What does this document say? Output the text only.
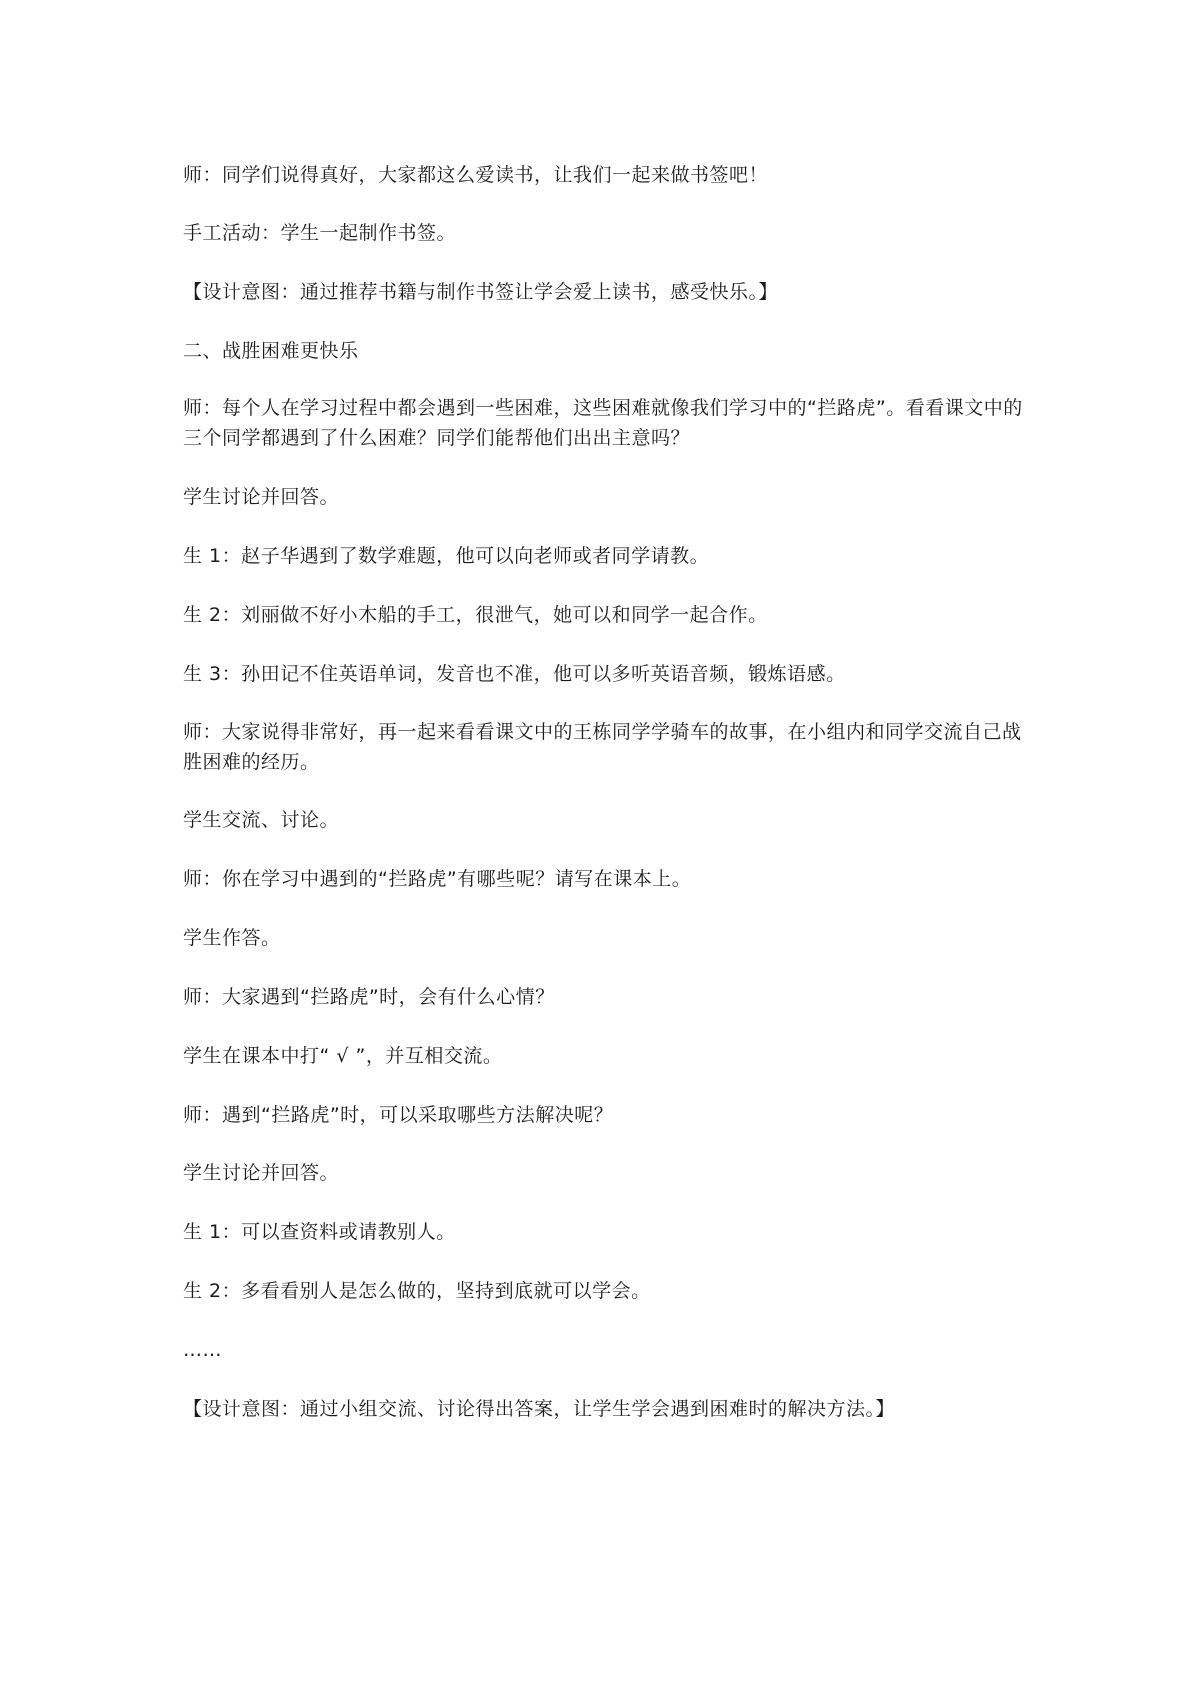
师：同学们说得真好，大家都这么爱读书，让我们一起来做书签吧！

手工活动：学生一起制作书签。

【设计意图：通过推荐书籍与制作书签让学会爱上读书，感受快乐。】

二、战胜困难更快乐

师：每个人在学习过程中都会遇到一些困难，这些困难就像我们学习中的“拦路虎”。看看课文中的三个同学都遇到了什么困难？同学们能帮他们出出主意吗？

学生讨论并回答。

生 1：赵子华遇到了数学难题，他可以向老师或者同学请教。

生 2：刘丽做不好小木船的手工，很泄气，她可以和同学一起合作。

生 3：孙田记不住英语单词，发音也不准，他可以多听英语音频，锻炼语感。

师：大家说得非常好，再一起来看看课文中的王栋同学学骑车的故事，在小组内和同学交流自己战胜困难的经历。

学生交流、讨论。

师：你在学习中遇到的“拦路虎”有哪些呢？请写在课本上。

学生作答。

师：大家遇到“拦路虎”时，会有什么心情？

学生在课本中打“ √ ”，并互相交流。

师：遇到“拦路虎”时，可以采取哪些方法解决呢？

学生讨论并回答。

生 1：可以查资料或请教别人。

生 2：多看看别人是怎么做的，坚持到底就可以学会。

……

【设计意图：通过小组交流、讨论得出答案，让学生学会遇到困难时的解决方法。】
